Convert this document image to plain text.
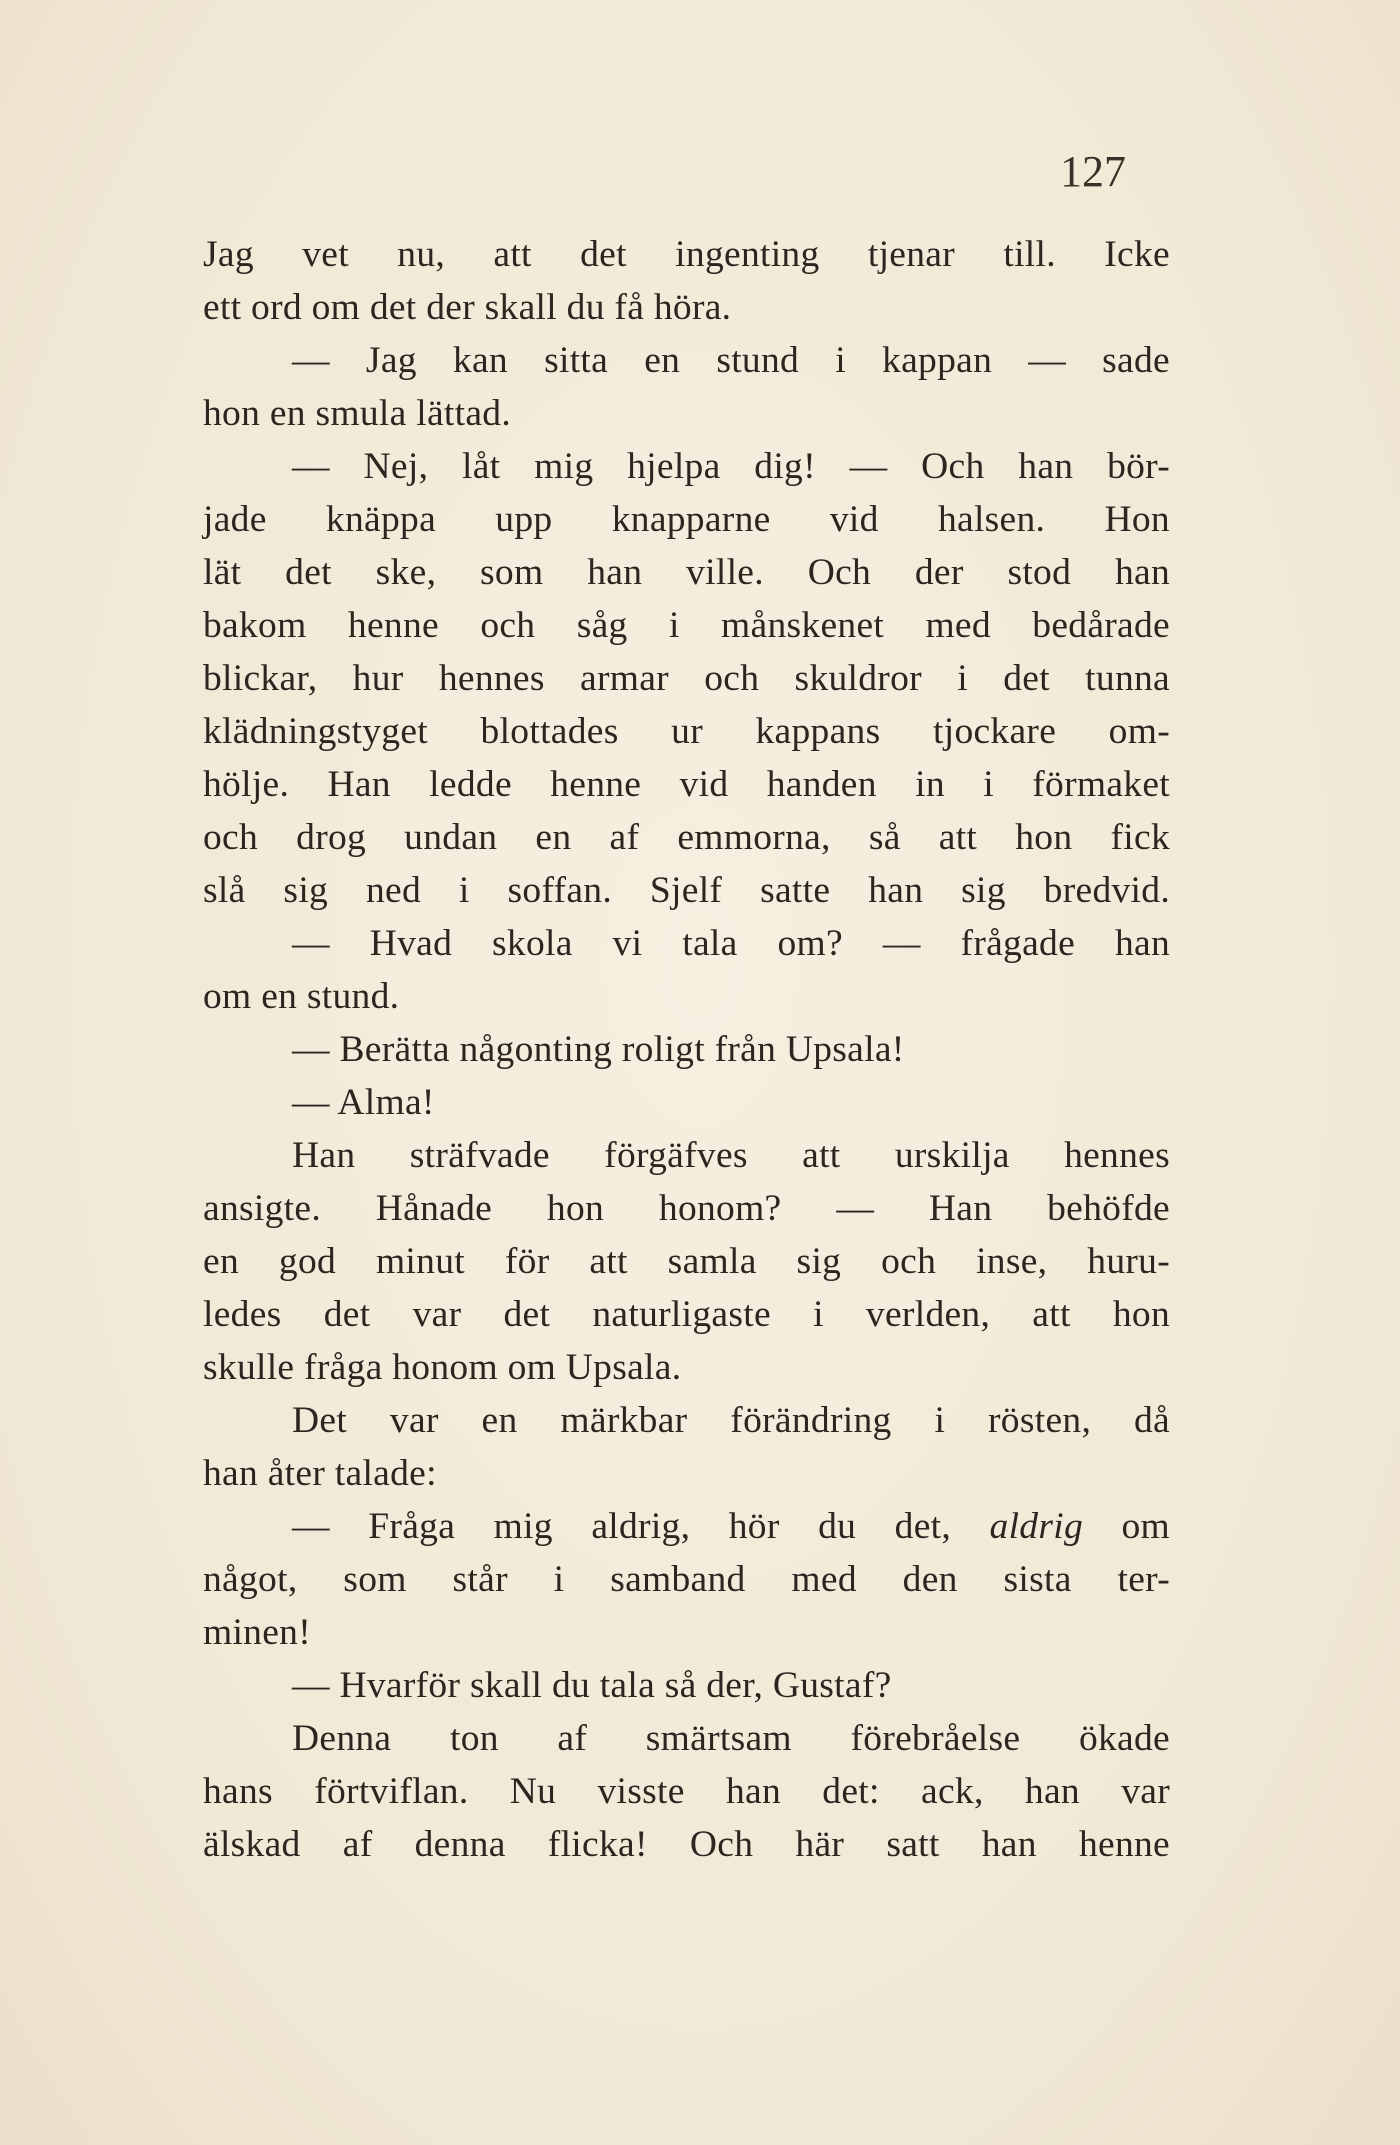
127
Jag vet nu, att det ingenting tjenar till. Icke
ett ord om det der skall du få höra.
— Jag kan sitta en stund i kappan — sade
hon en smula lättad.
— Nej, låt mig hjelpa dig! — Och han bör-
jade knäppa upp knapparne vid halsen. Hon
lät det ske, som han ville. Och der stod han
bakom henne och såg i månskenet med bedårade
blickar, hur hennes armar och skuldror i det tunna
klädningstyget blottades ur kappans tjockare om-
hölje. Han ledde henne vid handen in i förmaket
och drog undan en af emmorna, så att hon fick
slå sig ned i soffan. Sjelf satte han sig bredvid.
— Hvad skola vi tala om? — frågade han
om en stund.
— Berätta någonting roligt från Upsala!
— Alma!
Han sträfvade förgäfves att urskilja hennes
ansigte. Hånade hon honom? — Han behöfde
en god minut för att samla sig och inse, huru-
ledes det var det naturligaste i verlden, att hon
skulle fråga honom om Upsala.
Det var en märkbar förändring i rösten, då
han åter talade:
— Fråga mig aldrig, hör du det, aldrig om
något, som står i samband med den sista ter-
minen!
— Hvarför skall du tala så der, Gustaf?
Denna ton af smärtsam förebråelse ökade
hans förtviflan. Nu visste han det: ack, han var
älskad af denna flicka! Och här satt han henne
